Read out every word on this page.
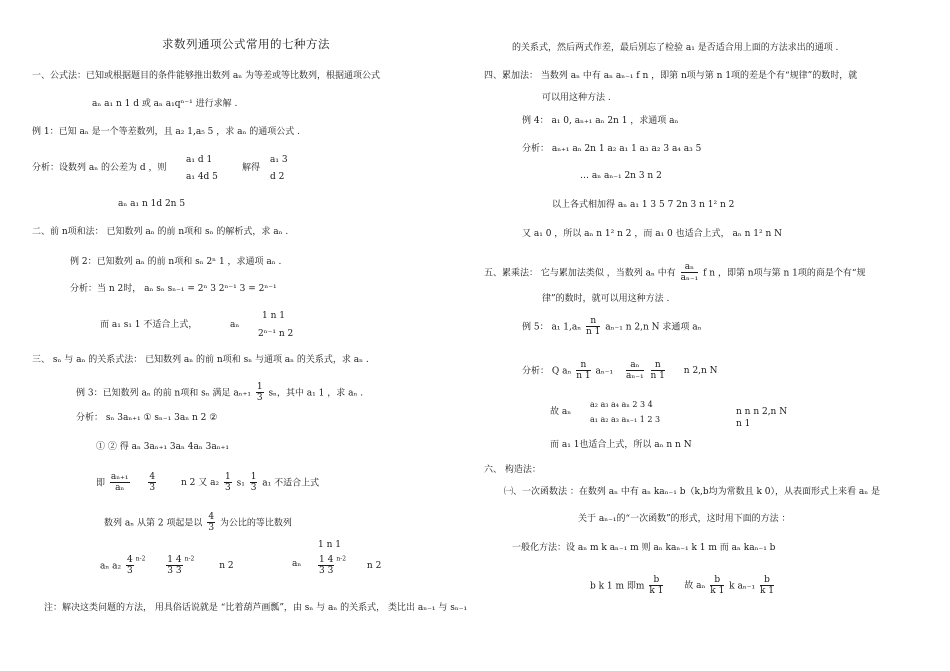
求数列通项公式常用的七种方法
一、公式法：已知或根据题目的条件能够推出数列 aₙ 为等差或等比数列，根据通项公式
aₙ a₁ n 1 d 或 aₙ a₁qⁿ⁻¹ 进行求解 .
例 1：已知 aₙ 是一个等差数列，且 a₂ 1,a₅ 5 ，求 aₙ 的通项公式 .
分析：设数列 aₙ 的公差为 d ，则
a₁ d 1
a₁ 4d 5
解得
a₁ 3
d 2
aₙ a₁ n 1d 2n 5
二、前 n项和法： 已知数列 aₙ 的前 n项和 sₙ 的解析式，求 aₙ .
例 2：已知数列 aₙ 的前 n项和 sₙ 2ⁿ 1 ，求通项 aₙ .
分析：当 n 2时， aₙ sₙ sₙ₋₁ = 2ⁿ 3 2ⁿ⁻¹ 3 = 2ⁿ⁻¹
而 a₁ s₁ 1 不适合上式，	aₙ
1 n 1
2ⁿ⁻¹ n 2
三、 sₙ 与 aₙ 的关系式法： 已知数列 aₙ 的前 n项和 sₙ 与通项 aₙ 的关系式，求 aₙ .
例 3：已知数列 aₙ 的前 n项和 sₙ 满足 $a_{n+1} \frac{1}{3}$ sₙ，其中 a₁ 1 ，求 aₙ .
分析： sₙ 3aₙ₊₁ ① sₙ₋₁ 3aₙ n 2 ②
① ② 得 aₙ 3aₙ₊₁ 3aₙ 4aₙ 3aₙ₊₁
即 $\frac{\text{aₙ₊₁}}{\text{aₙ}}$
$\frac{4}{3}$	n 2 又 $a_2 \frac{1}{3} s_1 \frac{1}{3} a_1$ 不适合上式
数列 aₙ 从第 2 项起是以 $\frac{4}{3}$ 为公比的等比数列
aₙ $a_2 \frac{4}{3} ^{n-2} \frac{1 4}{3 3} ^{n-2}$ n 2	aₙ
1 n 1
$\frac{1 4}{3 3} ^{n-2}$ n 2
注：解决这类问题的方法， 用具俗话说就是 “比着葫芦画瓢”，由 sₙ 与 aₙ 的关系式， 类比出 aₙ₋₁ 与 sₙ₋₁
的关系式，然后两式作差，最后别忘了检验 a₁ 是否适合用上面的方法求出的通项 .
四、累加法： 当数列 aₙ 中有 aₙ aₙ₋₁ f n ，即第 n项与第 n 1项的差是个有“规律”的数时，就
可以用这种方法 .
例 4： a₁ 0, aₙ₊₁ aₙ 2n 1 ，求通项 aₙ
分析： aₙ₊₁ aₙ 2n 1 a₂ a₁ 1 a₃ a₂ 3 a₄ a₃ 5
… aₙ aₙ₋₁ 2n 3 n 2
以上各式相加得 aₙ a₁ 1 3 5 7 2n 3 n 1² n 2
又 a₁ 0 ，所以 aₙ n 1² n 2 ，而 a₁ 0 也适合上式， aₙ n 1² n N
五、累乘法： 它与累加法类似 ，当数列 aₙ 中有 $\frac{\text{aₙ}}{\text{aₙ₋₁}}$ f n ，即第 n项与第 n 1项的商是个有“规
律”的数时，就可以用这种方法 .
例 5： a₁ $1,a_n \frac{n}{n 1} a_{n-1}$ n 2,n N 求通项 aₙ
分析： Q aₙ $\frac{n}{n 1} a_{n-1} \frac{\text{aₙ}}{\text{aₙ₋₁}}$
$\frac{n}{n 1}$ n 2,n N
故 aₙ
a₂ a₃ a₄ aₙ 2 3 4
a₁ a₂ a₃ aₙ₋₁ 1 2 3
n n n 2,n N
n 1
而 a₁ 1也适合上式，所以 aₙ n n N
六、 构造法：
㈠、一次函数法 ：在数列 aₙ 中有 aₙ kaₙ₋₁ b（k,b均为常数且 k 0），从表面形式上来看 aₙ 是
关于 aₙ₋₁的“一次函数”的形式，这时用下面的方法 ：
一般化方法：设 aₙ m k aₙ₋₁ m 则 aₙ kaₙ₋₁ k 1 m 而 aₙ kaₙ₋₁ b
b k 1 m 即m $\frac{b}{k 1}$ 故 aₙ $\frac{b}{k 1}$ k $a_{n-1} \frac{b}{k 1}$
